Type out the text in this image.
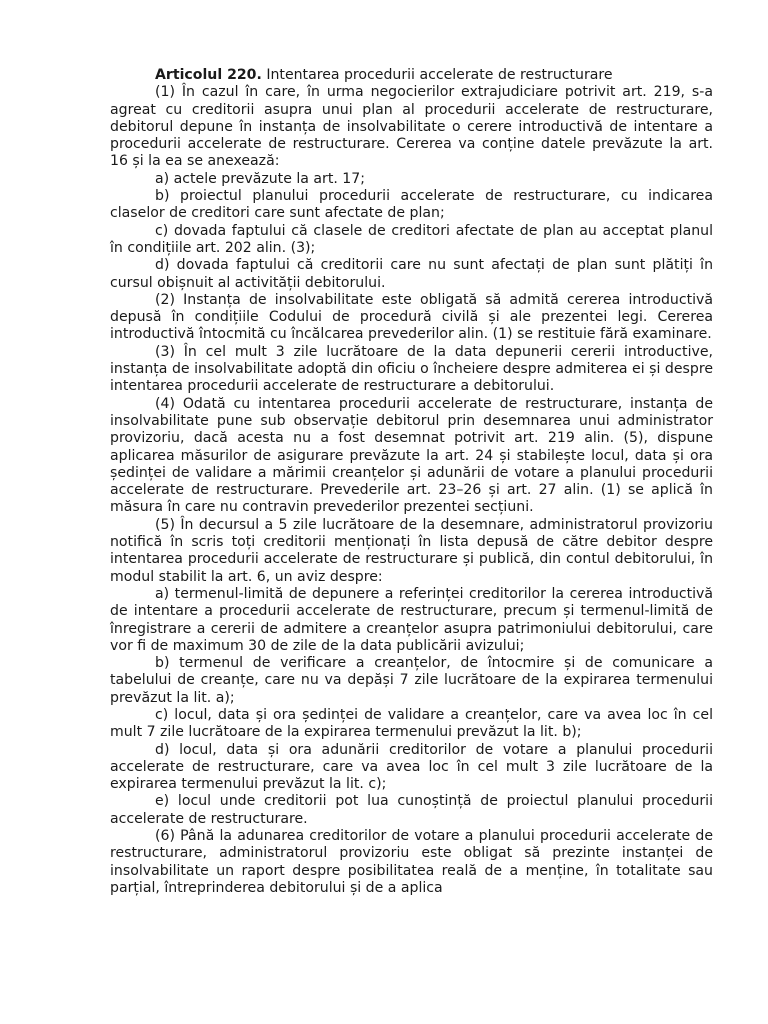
Articolul 220. Intentarea procedurii accelerate de restructurare

(1) În cazul în care, în urma negocierilor extrajudiciare potrivit art. 219, s-a agreat cu creditorii asupra unui plan al procedurii accelerate de restructurare, debitorul depune în instanța de insolvabilitate o cerere introductivă de intentare a procedurii accelerate de restructurare. Cererea va conține datele prevăzute la art. 16 și la ea se anexează:

a) actele prevăzute la art. 17;

b) proiectul planului procedurii accelerate de restructurare, cu indicarea claselor de creditori care sunt afectate de plan;

c) dovada faptului că clasele de creditori afectate de plan au acceptat planul în condițiile art. 202 alin. (3);

d) dovada faptului că creditorii care nu sunt afectați de plan sunt plătiți în cursul obișnuit al activității debitorului.

(2) Instanța de insolvabilitate este obligată să admită cererea introductivă depusă în condițiile Codului de procedură civilă și ale prezentei legi. Cererea introductivă întocmită cu încălcarea prevederilor alin. (1) se restituie fără examinare.

(3) În cel mult 3 zile lucrătoare de la data depunerii cererii introductive, instanța de insolvabilitate adoptă din oficiu o încheiere despre admiterea ei și despre intentarea procedurii accelerate de restructurare a debitorului.

(4) Odată cu intentarea procedurii accelerate de restructurare, instanța de insolvabilitate pune sub observație debitorul prin desemnarea unui administrator provizoriu, dacă acesta nu a fost desemnat potrivit art. 219 alin. (5), dispune aplicarea măsurilor de asigurare prevăzute la art. 24 și stabilește locul, data și ora ședinței de validare a mărimii creanțelor și adunării de votare a planului procedurii accelerate de restructurare. Prevederile art. 23–26 și art. 27 alin. (1) se aplică în măsura în care nu contravin prevederilor prezentei secțiuni.

(5) În decursul a 5 zile lucrătoare de la desemnare, administratorul provizoriu notifică în scris toți creditorii menționați în lista depusă de către debitor despre intentarea procedurii accelerate de restructurare și publică, din contul debitorului, în modul stabilit la art. 6, un aviz despre:

a) termenul-limită de depunere a referinței creditorilor la cererea introductivă de intentare a procedurii accelerate de restructurare, precum și termenul-limită de înregistrare a cererii de admitere a creanțelor asupra patrimoniului debitorului, care vor fi de maximum 30 de zile de la data publicării avizului;

b) termenul de verificare a creanțelor, de întocmire și de comunicare a tabelului de creanțe, care nu va depăși 7 zile lucrătoare de la expirarea termenului prevăzut la lit. a);

c) locul, data și ora ședinței de validare a creanțelor, care va avea loc în cel mult 7 zile lucrătoare de la expirarea termenului prevăzut la lit. b);

d) locul, data și ora adunării creditorilor de votare a planului procedurii accelerate de restructurare, care va avea loc în cel mult 3 zile lucrătoare de la expirarea termenului prevăzut la lit. c);

e) locul unde creditorii pot lua cunoștință de proiectul planului procedurii accelerate de restructurare.

(6) Până la adunarea creditorilor de votare a planului procedurii accelerate de restructurare, administratorul provizoriu este obligat să prezinte instanței de insolvabilitate un raport despre posibilitatea reală de a menține, în totalitate sau parțial, întreprinderea debitorului și de a aplica
